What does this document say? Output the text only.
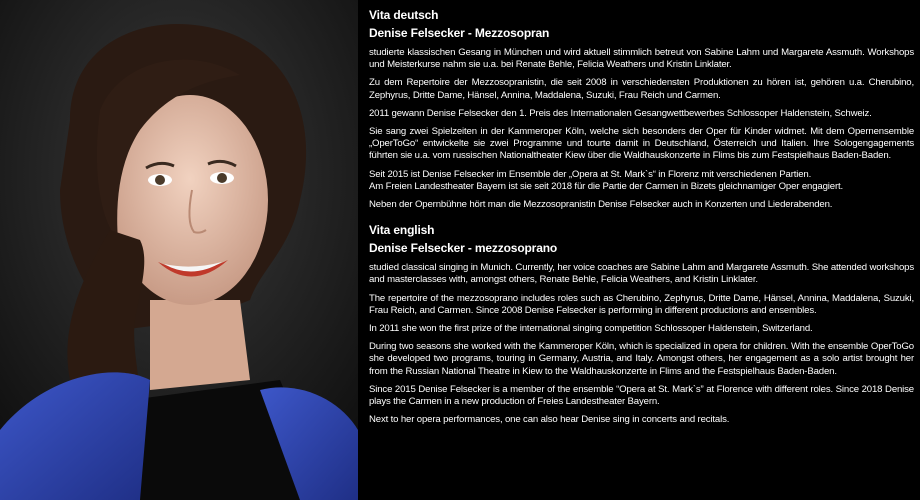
Vita deutsch
Denise Felsecker - Mezzosopran

studierte klassischen Gesang in München und wird aktuell stimmlich betreut von Sabine Lahm und Margarete Assmuth. Workshops und Meisterkurse nahm sie u.a. bei Renate Behle, Felicia Weathers und Kristin Linklater.

Zu dem Repertoire der Mezzosopranistin, die seit 2008 in verschiedensten Produktionen zu hören ist, gehören u.a. Cherubino, Zephyrus, Dritte Dame, Hänsel, Annina, Maddalena, Suzuki, Frau Reich und Carmen.

2011 gewann Denise Felsecker den 1. Preis des Internationalen Gesangwettbewerbes Schlossoper Haldenstein, Schweiz.

Sie sang zwei Spielzeiten in der Kammeroper Köln, welche sich besonders der Oper für Kinder widmet. Mit dem Opernensemble „OperToGo“ entwickelte sie zwei Programme und tourte damit in Deutschland, Österreich und Italien. Ihre Sologengagements führten sie u.a. vom russischen Nationaltheater Kiew über die Waldhauskonzerte in Flims bis zum Festspielhaus Baden-Baden.

Seit 2015 ist Denise Felsecker im Ensemble der „Opera at St. Mark`s“ in Florenz mit verschiedenen Partien.
Am Freien Landestheater Bayern ist sie seit 2018 für die Partie der Carmen in Bizets gleichnamiger Oper engagiert.

Neben der Opernbühne hört man die Mezzosopranistin Denise Felsecker auch in Konzerten und Liederabenden.

Vita english
Denise Felsecker - mezzosoprano

studied classical singing in Munich. Currently, her voice coaches are Sabine Lahm and Margarete Assmuth. She attended workshops and masterclasses with, amongst others, Renate Behle, Felicia Weathers, and Kristin Linklater.

The repertoire of the mezzosoprano includes roles such as Cherubino, Zephyrus, Dritte Dame, Hänsel, Annina, Maddalena, Suzuki, Frau Reich, and Carmen. Since 2008 Denise Felsecker is performing in different productions and ensembles.

In 2011 she won the first prize of the international singing competition Schlossoper Haldenstein, Switzerland.

During two seasons she worked with the Kammeroper Köln, which is specialized in opera for children. With the ensemble OperToGo she developed two programs, touring in Germany, Austria, and Italy. Amongst others, her engagement as a solo artist brought her from the Russian National Theatre in Kiew to the Waldhauskonzerte in Flims and the Festspielhaus Baden-Baden.

Since 2015 Denise Felsecker is a member of the ensemble “Opera at St. Mark`s” at Florence with different roles. Since 2018 Denise plays the Carmen in a new production of Freies Landestheater Bayern.

Next to her opera performances, one can also hear Denise sing in concerts and recitals.
